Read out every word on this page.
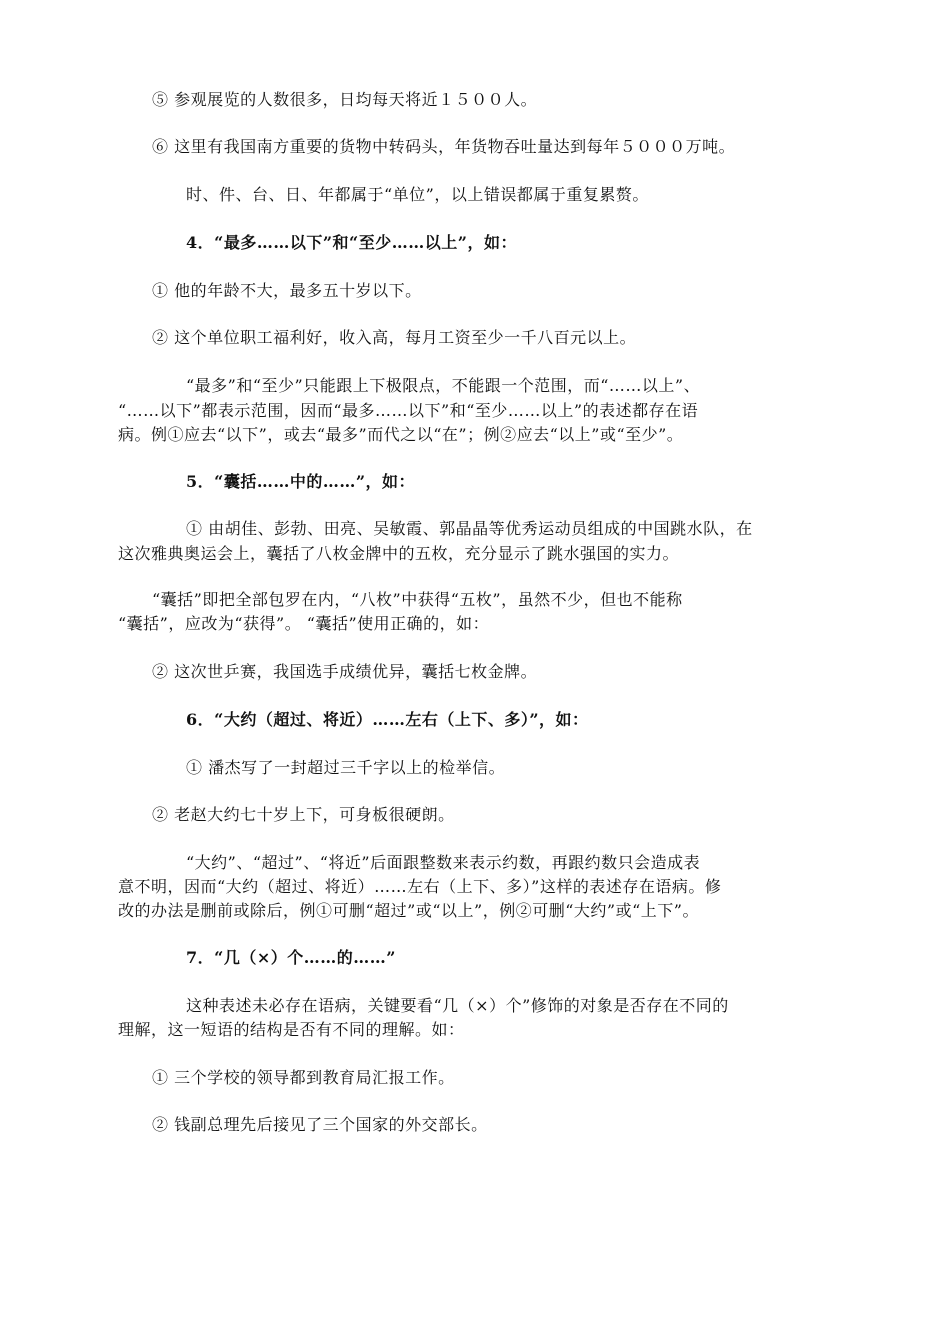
⑤ 参观展览的人数很多，日均每天将近１５００人。
⑥ 这里有我国南方重要的货物中转码头，年货物吞吐量达到每年５０００万吨。
时、件、台、日、年都属于“单位”，以上错误都属于重复累赘。
4．“最多……以下”和“至少……以上”，如：
① 他的年龄不大，最多五十岁以下。
② 这个单位职工福利好，收入高，每月工资至少一千八百元以上。
“最多”和“至少”只能跟上下极限点，不能跟一个范围，而“……以上”、
“……以下”都表示范围，因而“最多……以下”和“至少……以上”的表述都存在语
病。例①应去“以下”，或去“最多”而代之以“在”；例②应去“以上”或“至少”。
5．“囊括……中的……”，如：
① 由胡佳、彭勃、田亮、吴敏霞、郭晶晶等优秀运动员组成的中国跳水队，在
这次雅典奥运会上，囊括了八枚金牌中的五枚，充分显示了跳水强国的实力。
“囊括”即把全部包罗在内，“八枚”中获得“五枚”，虽然不少，但也不能称
“囊括”，应改为“获得”。 “囊括”使用正确的，如：
② 这次世乒赛，我国选手成绩优异，囊括七枚金牌。
6．“大约（超过、将近）……左右（上下、多）”，如：
① 潘杰写了一封超过三千字以上的检举信。
② 老赵大约七十岁上下，可身板很硬朗。
“大约”、“超过”、“将近”后面跟整数来表示约数，再跟约数只会造成表
意不明，因而“大约（超过、将近）……左右（上下、多）”这样的表述存在语病。修
改的办法是删前或除后，例①可删“超过”或“以上”，例②可删“大约”或“上下”。
7．“几（×）个……的……”
这种表述未必存在语病，关键要看“几（×）个”修饰的对象是否存在不同的
理解，这一短语的结构是否有不同的理解。如：
① 三个学校的领导都到教育局汇报工作。
② 钱副总理先后接见了三个国家的外交部长。
